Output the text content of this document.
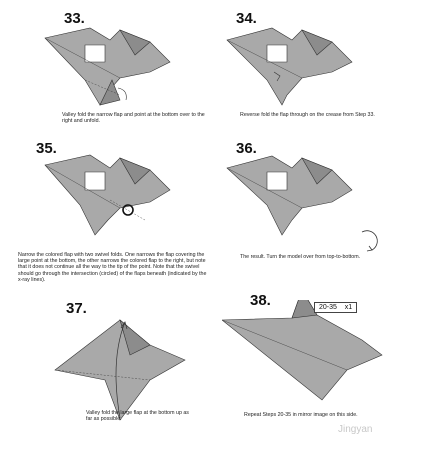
33.
Valley fold the narrow flap and point at the bottom over to the right and unfold.
34.
Reverse fold the flap through on the crease from Step 33.
35.
Narrow the colored flap with two swivel folds. One narrows the flap covering the large point at the bottom, the other narrows the colored flap to the right, but note that it does not continue all the way to the tip of the point. Note that the swivel should go through the intersection (circled) of the flaps beneath (indicated by the x-ray lines).
36.
The result. Turn the model over from top-to-bottom.
37.
Valley fold the large flap at the bottom up as far as possible.
38.	20-35 x1
Repeat Steps 20-35 in mirror image on this side.
Jingyan
